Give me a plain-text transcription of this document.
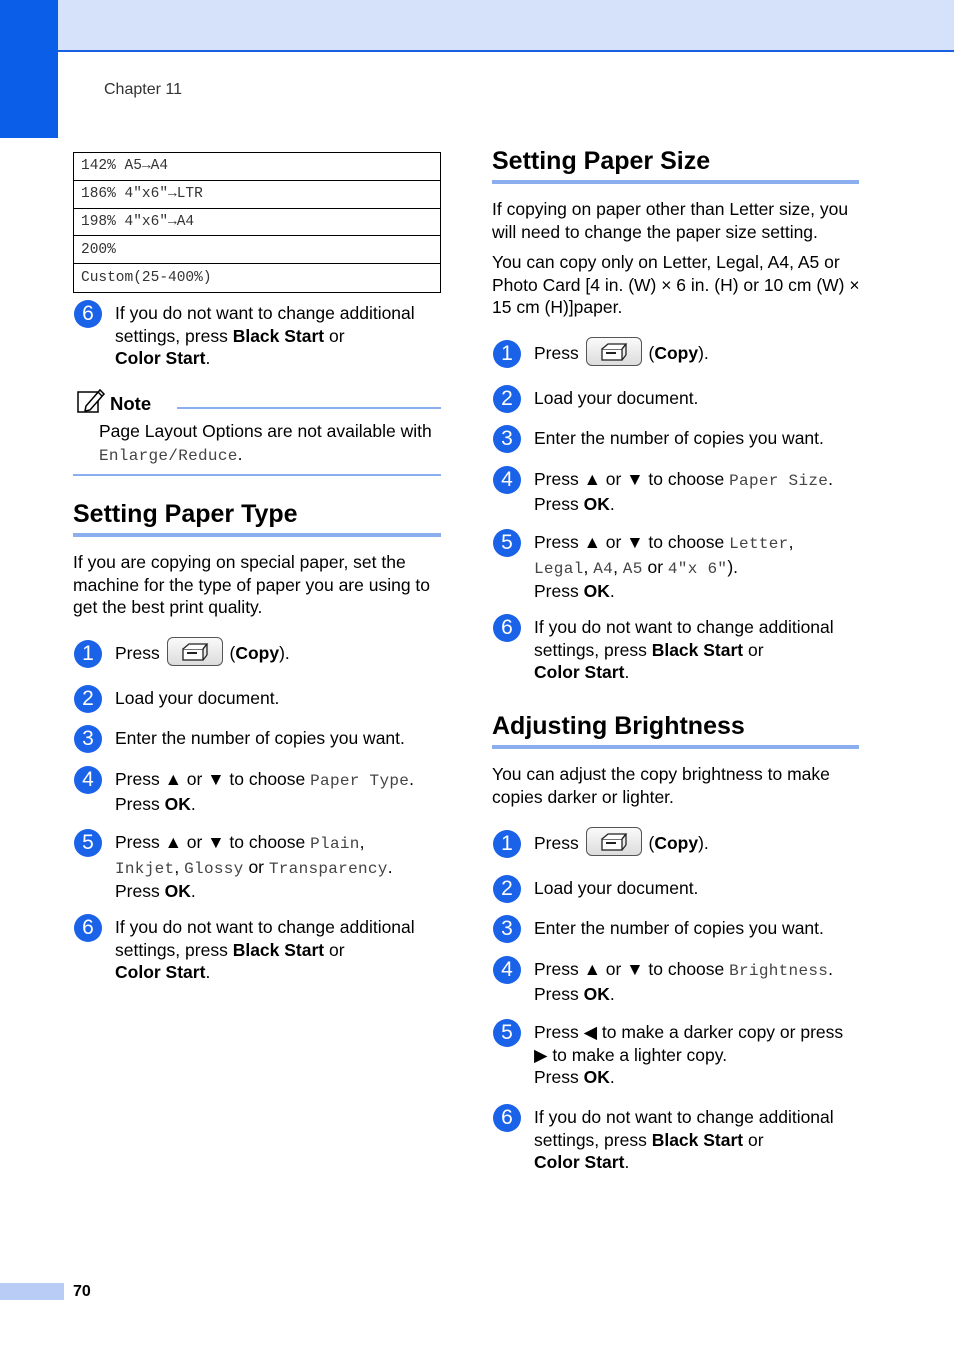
Chapter 11
142% A5→A4
186% 4"x6"→LTR
198% 4"x6"→A4
200%
Custom(25-400%)
6	If you do not want to change additional settings, press Black Start or
Color Start.
Note
Page Layout Options are not available with Enlarge/Reduce.
Setting Paper Type
If you are copying on special paper, set the machine for the type of paper you are using to get the best print quality.
1	Press	(Copy).
2	Load your document.
3	Enter the number of copies you want.
4	Press ▲ or ▼ to choose Paper Type.
Press OK.
5	Press ▲ or ▼ to choose Plain,
Inkjet, Glossy or Transparency.
Press OK.
6	If you do not want to change additional settings, press Black Start or
Color Start.
Setting Paper Size
If copying on paper other than Letter size, you will need to change the paper size setting.
You can copy only on Letter, Legal, A4, A5 or Photo Card [4 in. (W) × 6 in. (H) or 10 cm (W) × 15 cm (H)]paper.
1	Press	(Copy).
2	Load your document.
3	Enter the number of copies you want.
4	Press ▲ or ▼ to choose Paper Size.
Press OK.
5	Press ▲ or ▼ to choose Letter,
Legal, A4, A5 or 4"x 6").
Press OK.
6	If you do not want to change additional settings, press Black Start or
Color Start.
Adjusting Brightness
You can adjust the copy brightness to make copies darker or lighter.
1	Press	(Copy).
2	Load your document.
3	Enter the number of copies you want.
4	Press ▲ or ▼ to choose Brightness.
Press OK.
5	Press ◀ to make a darker copy or press
▶ to make a lighter copy.
Press OK.
6	If you do not want to change additional settings, press Black Start or
Color Start.
70
